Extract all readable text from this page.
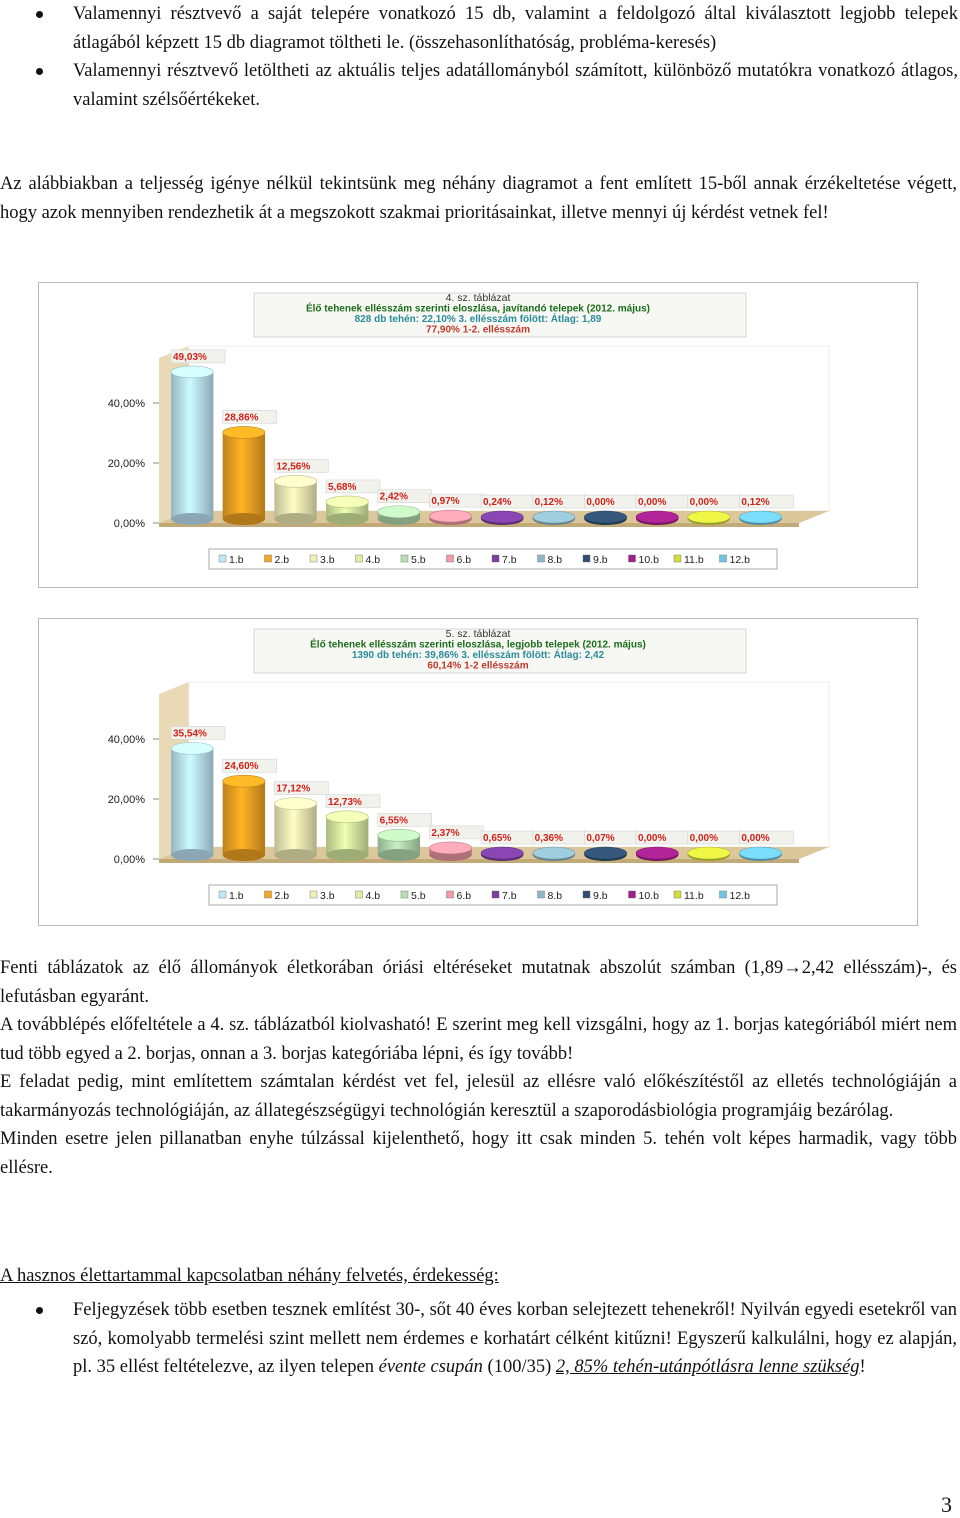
Valamennyi résztvevő a saját telepére vonatkozó 15 db, valamint a feldolgozó által kiválasztott legjobb telepek átlagából képzett 15 db diagramot töltheti le. (összehasonlíthatóság, probléma-keresés)
Valamennyi résztvevő letöltheti az aktuális teljes adatállományból számított, különböző mutatókra vonatkozó átlagos, valamint szélsőértékeket.

Az alábbiakban a teljesség igénye nélkül tekintsünk meg néhány diagramot a fent említett 15-ből annak érzékeltetése végett, hogy azok mennyiben rendezhetik át a megszokott szakmai prioritásainkat, illetve mennyi új kérdést vetnek fel!

4. sz. táblázat
Élő tehenek ellésszám szerinti eloszlása, javítandó telepek (2012. május)
828 db tehén: 22,10% 3. ellésszám fölött: Átlag: 1,89
77,90% 1-2. ellésszám
0,00%
20,00%
40,00%
49,03%
28,86%
12,56%
5,68%
2,42% 0,97% 0,24% 0,12% 0,00% 0,00% 0,00% 0,12%
1.b	2.b	3.b	4.b	5.b	6.b	7.b	8.b	9.b	10.b 11.b 12.b
5. sz. táblázat
Élő tehenek ellésszám szerinti eloszlása, legjobb telepek (2012. május)
1390 db tehén: 39,86% 3. ellésszám fölött: Átlag: 2,42
60,14% 1-2 ellésszám
0,00%
20,00%
40,00%
35,54%
24,60%
17,12%
12,73%
6,55%
2,37% 0,65% 0,36% 0,07% 0,00% 0,00% 0,00%
1.b	2.b	3.b	4.b	5.b	6.b	7.b	8.b	9.b	10.b 11.b 12.b

Fenti táblázatok az élő állományok életkorában óriási eltéréseket mutatnak abszolút számban (1,89→2,42 ellésszám)-, és lefutásban egyaránt.

A továbblépés előfeltétele a 4. sz. táblázatból kiolvasható! E szerint meg kell vizsgálni, hogy az 1. borjas kategóriából miért nem tud több egyed a 2. borjas, onnan a 3. borjas kategóriába lépni, és így tovább!

E feladat pedig, mint említettem számtalan kérdést vet fel, jelesül az ellésre való előkészítéstől az elletés technológiáján a takarmányozás technológiáján, az állategészségügyi technológián keresztül a szaporodásbiológia programjáig bezárólag.

Minden esetre jelen pillanatban enyhe túlzással kijelenthető, hogy itt csak minden 5. tehén volt képes harmadik, vagy több ellésre.

A hasznos élettartammal kapcsolatban néhány felvetés, érdekesség:
Feljegyzések több esetben tesznek említést 30-, sőt 40 éves korban selejtezett tehenekről! Nyilván egyedi esetekről van szó, komolyabb termelési szint mellett nem érdemes e korhatárt célként kitűzni! Egyszerű kalkulálni, hogy ez alapján, pl. 35 ellést feltételezve, az ilyen telepen évente csupán (100/35) 2, 85% tehén-utánpótlásra lenne szükség!
3
